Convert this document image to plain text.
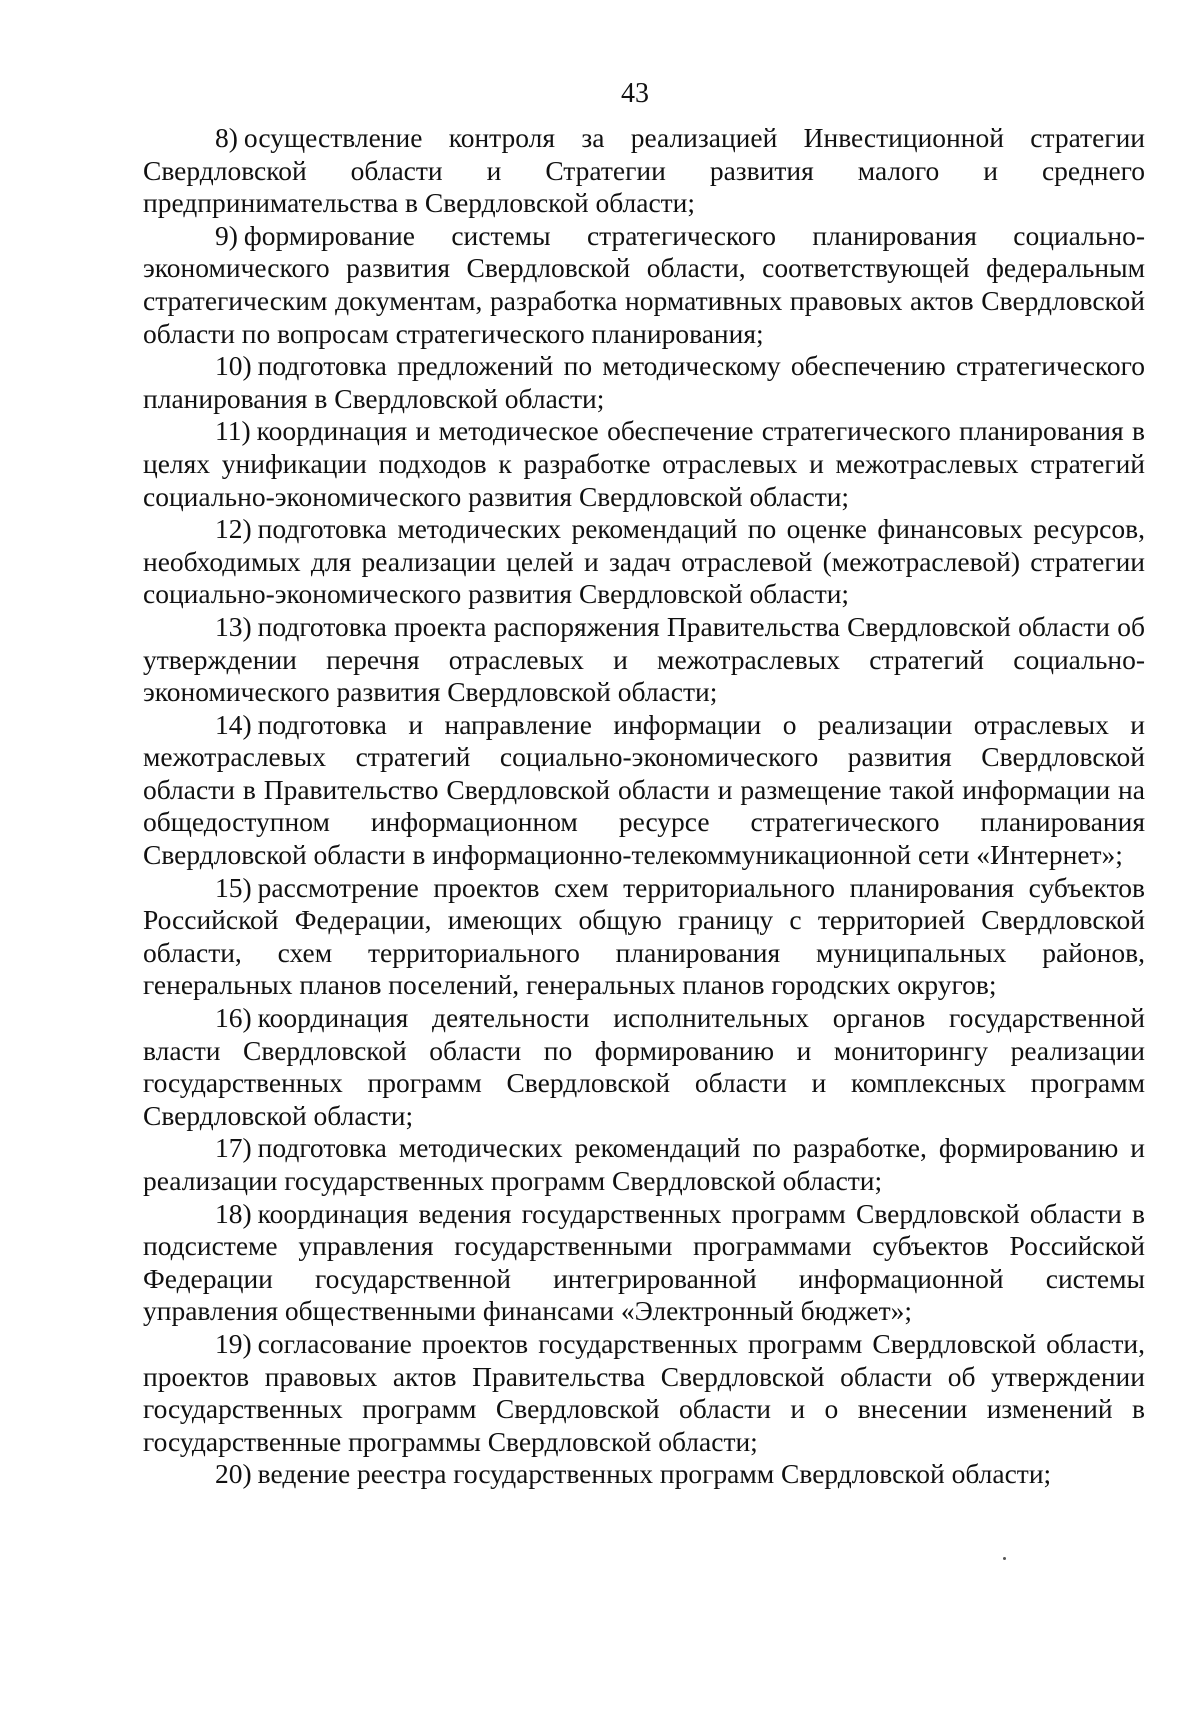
43

8) осуществление контроля за реализацией Инвестиционной стратегии Свердловской области и Стратегии развития малого и среднего предпринимательства в Свердловской области;

9) формирование системы стратегического планирования социально-экономического развития Свердловской области, соответствующей федеральным стратегическим документам, разработка нормативных правовых актов Свердловской области по вопросам стратегического планирования;

10) подготовка предложений по методическому обеспечению стратегического планирования в Свердловской области;

11) координация и методическое обеспечение стратегического планирования в целях унификации подходов к разработке отраслевых и межотраслевых стратегий социально-экономического развития Свердловской области;

12) подготовка методических рекомендаций по оценке финансовых ресурсов, необходимых для реализации целей и задач отраслевой (межотраслевой) стратегии социально-экономического развития Свердловской области;

13) подготовка проекта распоряжения Правительства Свердловской области об утверждении перечня отраслевых и межотраслевых стратегий социально-экономического развития Свердловской области;

14) подготовка и направление информации о реализации отраслевых и межотраслевых стратегий социально-экономического развития Свердловской области в Правительство Свердловской области и размещение такой информации на общедоступном информационном ресурсе стратегического планирования Свердловской области в информационно-телекоммуникационной сети «Интернет»;

15) рассмотрение проектов схем территориального планирования субъектов Российской Федерации, имеющих общую границу с территорией Свердловской области, схем территориального планирования муниципальных районов, генеральных планов поселений, генеральных планов городских округов;

16) координация деятельности исполнительных органов государственной власти Свердловской области по формированию и мониторингу реализации государственных программ Свердловской области и комплексных программ Свердловской области;

17) подготовка методических рекомендаций по разработке, формированию и реализации государственных программ Свердловской области;

18) координация ведения государственных программ Свердловской области в подсистеме управления государственными программами субъектов Российской Федерации государственной интегрированной информационной системы управления общественными финансами «Электронный бюджет»;

19) согласование проектов государственных программ Свердловской области, проектов правовых актов Правительства Свердловской области об утверждении государственных программ Свердловской области и о внесении изменений в государственные программы Свердловской области;

20) ведение реестра государственных программ Свердловской области;
